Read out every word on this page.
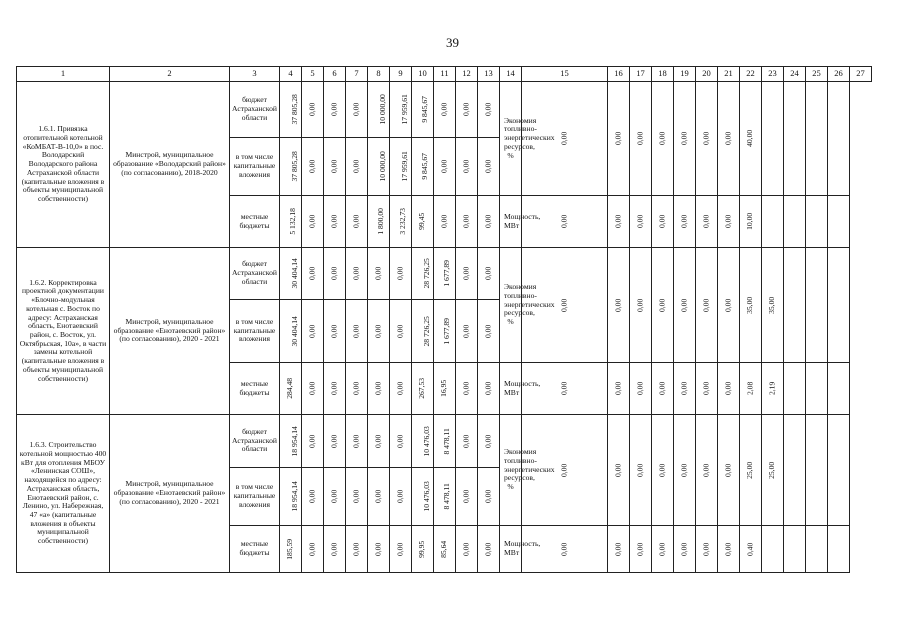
39
1	2	3	4	5	6	7	8	9	10	11	12	13	14	15	16	17	18	19	20	21	22	23	24	25	26	27
1.6.1. Привязка отопительной котельной «КоМБАТ-В-10,0» в пос. Володарский Володарского района Астраханской области (капитальные вложения в объекты муниципальной собственности)	Минстрой, муниципальное образование «Володарский район» (по согласованию), 2018-2020	бюджет Астраханской области	37 805,28	0,00	0,00	0,00	10 000,00	17 959,61	9 845,67	0,00	0,00	0,00	Экономия топливно-энергетических ресурсов, %	0,00	0,00	0,00	0,00	0,00	0,00	0,00	40,00					
		в том числе капитальные вложения	37 805,28	0,00	0,00	0,00	10 000,00	17 959,61	9 845,67	0,00	0,00	0,00														
		местные бюджеты	5 132,18	0,00	0,00	0,00	1 800,00	3 232,73	99,45	0,00	0,00	0,00	Мощность, МВт	0,00	0,00	0,00	0,00	0,00	0,00	0,00	10,00					
1.6.2. Корректировка проектной документации «Блочно-модульная котельная с. Восток по адресу: Астраханская область, Енотаевский район, с. Восток, ул. Октябрьская, 10а», в части замены котельной (капитальные вложения в объекты муниципальной собственности)	Минстрой, муниципальное образование «Енотаевский район» (по согласованию), 2020 - 2021	бюджет Астраханской области	30 404,14	0,00	0,00	0,00	0,00	0,00	28 726,25	1 677,89	0,00	0,00	Экономия топливно-энергетических ресурсов, %	0,00	0,00	0,00	0,00	0,00	0,00	0,00	35,00	35,00				
		в том числе капитальные вложения	30 404,14	0,00	0,00	0,00	0,00	0,00	28 726,25	1 677,89	0,00	0,00														
		местные бюджеты	284,48	0,00	0,00	0,00	0,00	0,00	267,53	16,95	0,00	0,00	Мощность, МВт	0,00	0,00	0,00	0,00	0,00	0,00	0,00	2,08	2,19				
1.6.3. Строительство котельной мощностью 400 кВт для отопления МБОУ «Ленинская СОШ», находящейся по адресу: Астраханская область, Енотаевский район, с. Ленино, ул. Набережная, 47 «а» (капитальные вложения в объекты муниципальной собственности)	Минстрой, муниципальное образование «Енотаевский район» (по согласованию), 2020 - 2021	бюджет Астраханской области	18 954,14	0,00	0,00	0,00	0,00	0,00	10 476,03	8 478,11	0,00	0,00	Экономия топливно-энергетических ресурсов, %	0,00	0,00	0,00	0,00	0,00	0,00	0,00	25,00	25,00				
		в том числе капитальные вложения	18 954,14	0,00	0,00	0,00	0,00	0,00	10 476,03	8 478,11	0,00	0,00														
		местные бюджеты	185,59	0,00	0,00	0,00	0,00	0,00	99,95	85,64	0,00	0,00	Мощность, МВт	0,00	0,00	0,00	0,00	0,00	0,00	0,00	0,40					
